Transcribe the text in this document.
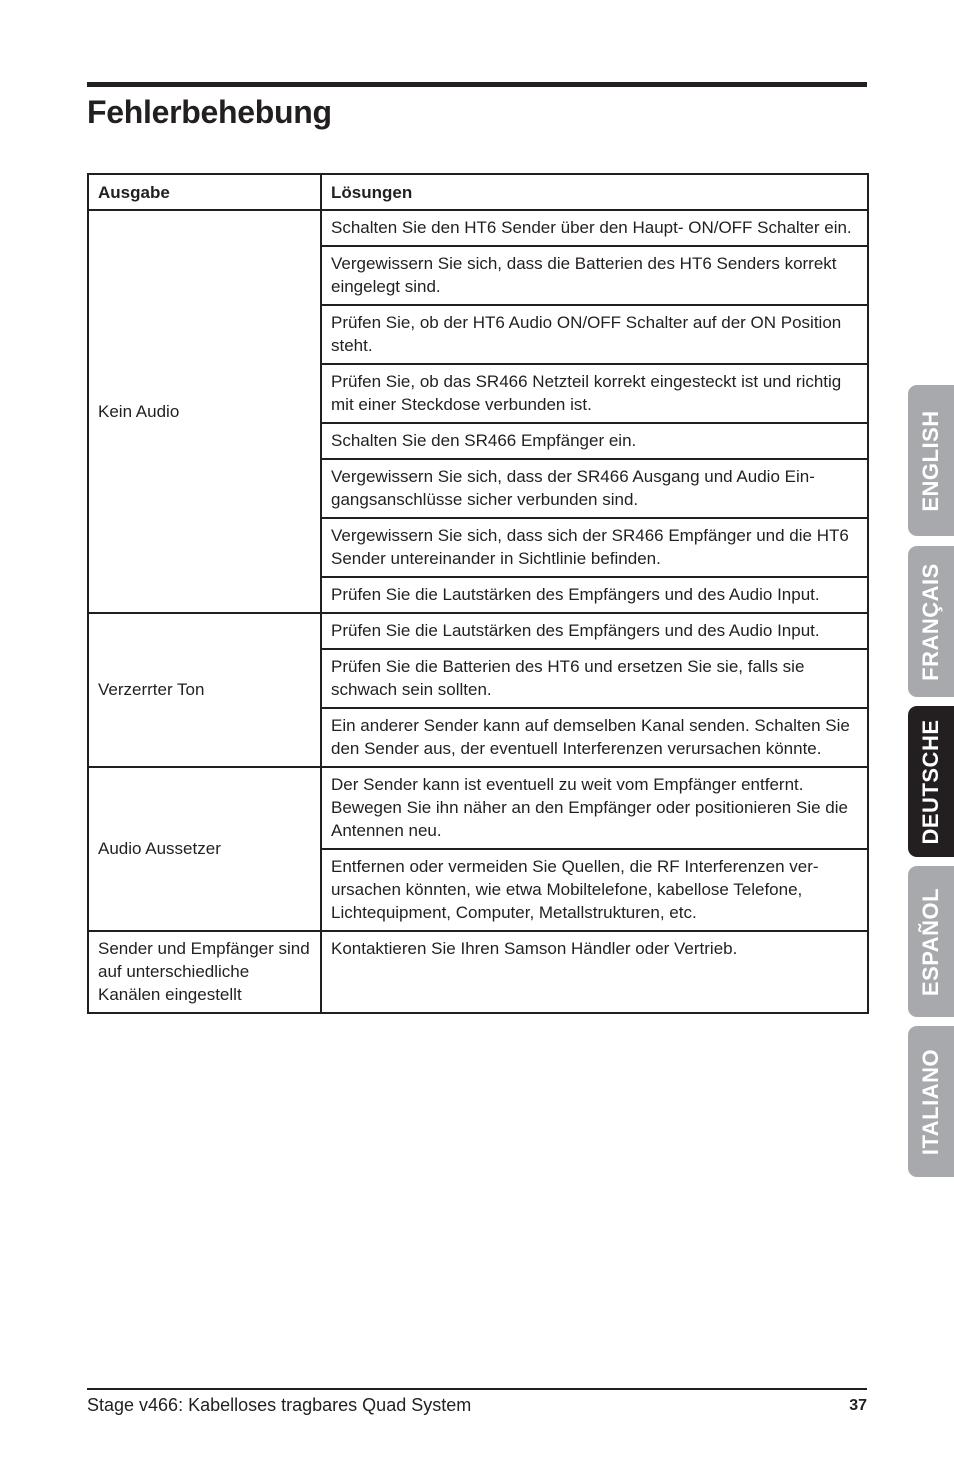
Fehlerbehebung
Ausgabe	Lösungen
Kein Audio	Schalten Sie den HT6 Sender über den Haupt- ON/OFF Schalter ein.
	Vergewissern Sie sich, dass die Batterien des HT6 Senders korrekt eingelegt sind.
	Prüfen Sie, ob der HT6 Audio ON/OFF Schalter auf der ON Position steht.
	Prüfen Sie, ob das SR466 Netzteil korrekt eingesteckt ist und richtig mit einer Steckdose verbunden ist.
	Schalten Sie den SR466 Empfänger ein.
	Vergewissern Sie sich, dass der SR466 Ausgang und Audio Ein-gangsanschlüsse sicher verbunden sind.
	Vergewissern Sie sich, dass sich der SR466 Empfänger und die HT6 Sender untereinander in Sichtlinie befinden.
	Prüfen Sie die Lautstärken des Empfängers und des Audio Input.
Verzerrter Ton	Prüfen Sie die Lautstärken des Empfängers und des Audio Input.
	Prüfen Sie die Batterien des HT6 und ersetzen Sie sie, falls sie schwach sein sollten.
	Ein anderer Sender kann auf demselben Kanal senden. Schalten Sie den Sender aus, der eventuell Interferenzen verursachen könnte.
Audio Aussetzer	Der Sender kann ist eventuell zu weit vom Empfänger entfernt. Bewegen Sie ihn näher an den Empfänger oder positionieren Sie die Antennen neu.
	Entfernen oder vermeiden Sie Quellen, die RF Interferenzen ver-ursachen könnten, wie etwa Mobiltelefone, kabellose Telefone, Lichtequipment, Computer, Metallstrukturen, etc.
Sender und Empfänger sind auf unterschiedliche Kanälen eingestellt	Kontaktieren Sie Ihren Samson Händler oder Vertrieb.
ENGLISH
FRANÇAIS
DEUTSCHE
ESPAÑOL
ITALIANO
Stage v466: Kabelloses tragbares Quad System	37
